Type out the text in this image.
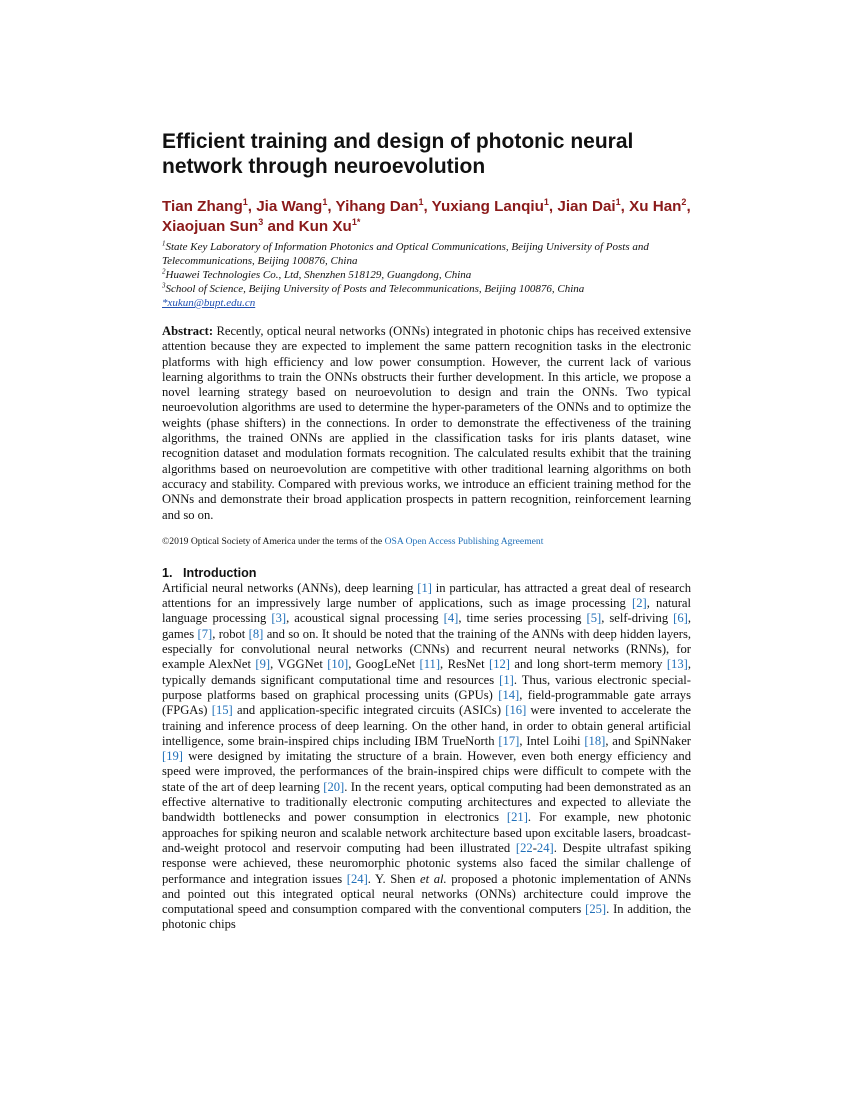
Efficient training and design of photonic neural network through neuroevolution
Tian Zhang$^1$, Jia Wang$^1$, Yihang Dan$^1$, Yuxiang Lanqiu$^1$, Jian Dai$^1$, Xu Han$^2$, Xiaojuan Sun$^3$ and Kun $Xu^{1*}$
$^1$State Key Laboratory of Information Photonics and Optical Communications, Beijing University of Posts and Telecommunications, Beijing 100876, China
$^2$Huawei Technologies Co., Ltd, Shenzhen 518129, Guangdong, China
$^3$School of Science, Beijing University of Posts and Telecommunications, Beijing 100876, China
*xukun@bupt.edu.cn
Abstract: Recently, optical neural networks (ONNs) integrated in photonic chips has received extensive attention because they are expected to implement the same pattern recognition tasks in the electronic platforms with high efficiency and low power consumption. However, the current lack of various learning algorithms to train the ONNs obstructs their further development. In this article, we propose a novel learning strategy based on neuroevolution to design and train the ONNs. Two typical neuroevolution algorithms are used to determine the hyper-parameters of the ONNs and to optimize the weights (phase shifters) in the connections. In order to demonstrate the effectiveness of the training algorithms, the trained ONNs are applied in the classification tasks for iris plants dataset, wine recognition dataset and modulation formats recognition. The calculated results exhibit that the training algorithms based on neuroevolution are competitive with other traditional learning algorithms on both accuracy and stability. Compared with previous works, we introduce an efficient training method for the ONNs and demonstrate their broad application prospects in pattern recognition, reinforcement learning and so on.
©2019 Optical Society of America under the terms of the OSA Open Access Publishing Agreement
1. Introduction
Artificial neural networks (ANNs), deep learning [1] in particular, has attracted a great deal of research attentions for an impressively large number of applications, such as image processing [2], natural language processing [3], acoustical signal processing [4], time series processing [5], self-driving [6], games [7], robot [8] and so on. It should be noted that the training of the ANNs with deep hidden layers, especially for convolutional neural networks (CNNs) and recurrent neural networks (RNNs), for example AlexNet [9], VGGNet [10], GoogLeNet [11], ResNet [12] and long short-term memory [13], typically demands significant computational time and resources [1]. Thus, various electronic special-purpose platforms based on graphical processing units (GPUs) [14], field-programmable gate arrays (FPGAs) [15] and application-specific integrated circuits (ASICs) [16] were invented to accelerate the training and inference process of deep learning. On the other hand, in order to obtain general artificial intelligence, some brain-inspired chips including IBM TrueNorth [17], Intel Loihi [18], and SpiNNaker [19] were designed by imitating the structure of a brain. However, even both energy efficiency and speed were improved, the performances of the brain-inspired chips were difficult to compete with the state of the art of deep learning [20]. In the recent years, optical computing had been demonstrated as an effective alternative to traditionally electronic computing architectures and expected to alleviate the bandwidth bottlenecks and power consumption in electronics [21]. For example, new photonic approaches for spiking neuron and scalable network architecture based upon excitable lasers, broadcast-and-weight protocol and reservoir computing had been illustrated [22-24]. Despite ultrafast spiking response were achieved, these neuromorphic photonic systems also faced the similar challenge of performance and integration issues [24]. Y. Shen et al. proposed a photonic implementation of ANNs and pointed out this integrated optical neural networks (ONNs) architecture could improve the computational speed and consumption compared with the conventional computers [25]. In addition, the photonic chips
